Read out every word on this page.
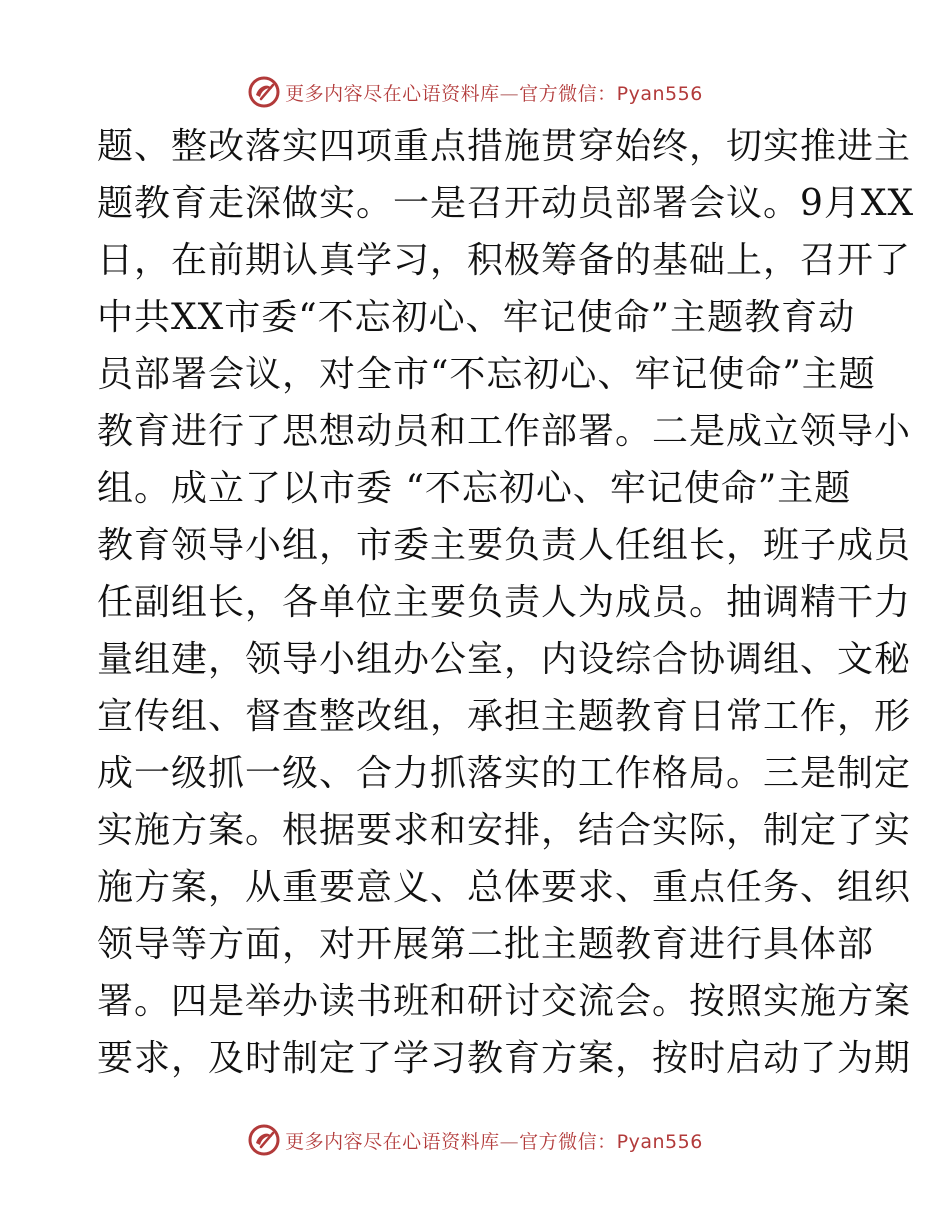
更多内容尽在心语资料库—官方微信：Pyan556
题、整改落实四项重点措施贯穿始终，切实推进主
题教育走深做实。一是召开动员部署会议。9月XX
日，在前期认真学习，积极筹备的基础上，召开了
中共XX市委“不忘初心、牢记使命”主题教育动
员部署会议，对全市“不忘初心、牢记使命”主题
教育进行了思想动员和工作部署。二是成立领导小
组。成立了以市委 “不忘初心、牢记使命”主题
教育领导小组，市委主要负责人任组长，班子成员
任副组长，各单位主要负责人为成员。抽调精干力
量组建，领导小组办公室，内设综合协调组、文秘
宣传组、督查整改组，承担主题教育日常工作，形
成一级抓一级、合力抓落实的工作格局。三是制定
实施方案。根据要求和安排，结合实际，制定了实
施方案，从重要意义、总体要求、重点任务、组织
领导等方面，对开展第二批主题教育进行具体部
署。四是举办读书班和研讨交流会。按照实施方案
要求，及时制定了学习教育方案，按时启动了为期
更多内容尽在心语资料库—官方微信：Pyan556
